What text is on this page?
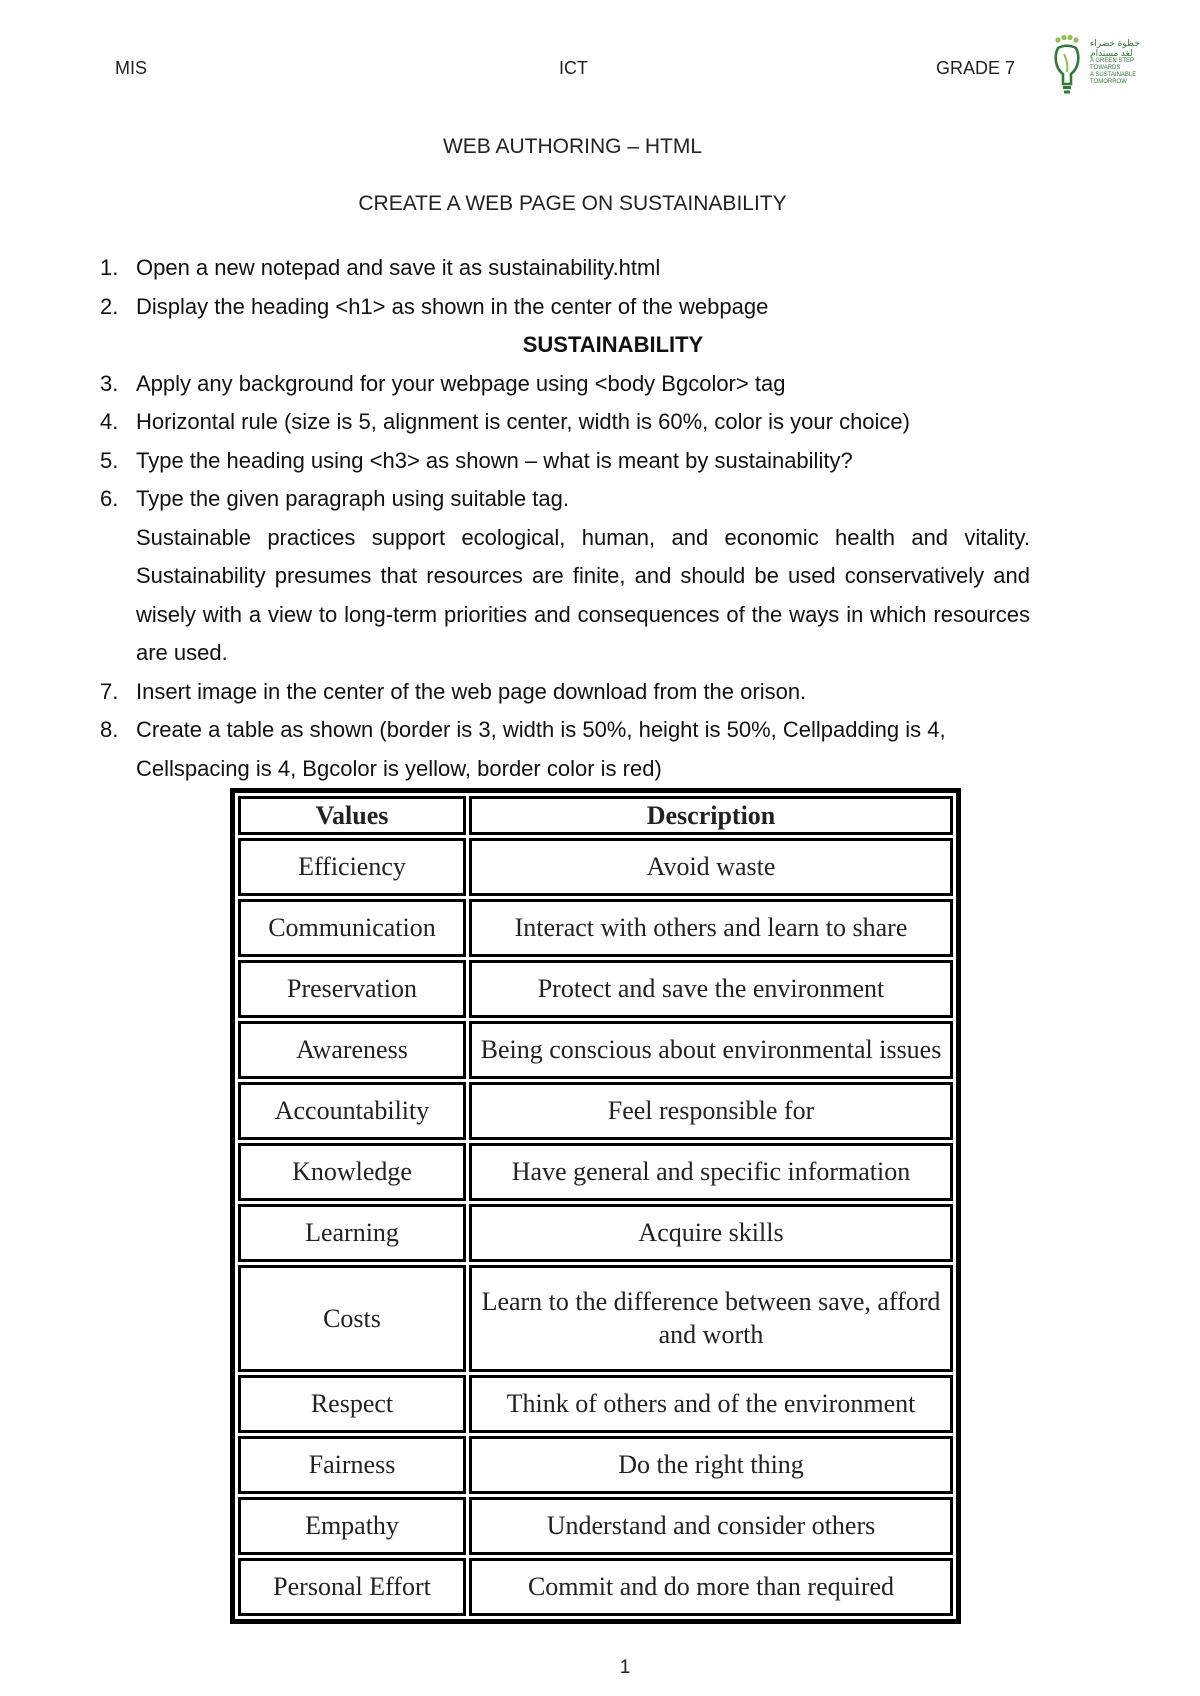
MIS	ICT	GRADE 7
خطوة خضراء
لغد مستدام
A GREEN STEP
TOWARDS
A SUSTAINABLE
TOMORROW
WEB AUTHORING – HTML
CREATE A WEB PAGE ON SUSTAINABILITY
1. Open a new notepad and save it as sustainability.html
2. Display the heading <h1> as shown in the center of the webpage
SUSTAINABILITY
3. Apply any background for your webpage using <body Bgcolor> tag
4. Horizontal rule (size is 5, alignment is center, width is 60%, color is your choice)
5. Type the heading using <h3> as shown – what is meant by sustainability?
6. Type the given paragraph using suitable tag.
Sustainable practices support ecological, human, and economic health and vitality. Sustainability presumes that resources are finite, and should be used conservatively and wisely with a view to long-term priorities and consequences of the ways in which resources are used.
7. Insert image in the center of the web page download from the orison.
8. Create a table as shown (border is 3, width is 50%, height is 50%, Cellpadding is 4, Cellspacing is 4, Bgcolor is yellow, border color is red)
Values	Description
Efficiency	Avoid waste
Communication	Interact with others and learn to share
Preservation	Protect and save the environment
Awareness	Being conscious about environmental issues
Accountability	Feel responsible for
Knowledge	Have general and specific information
Learning	Acquire skills
Costs	Learn to the difference between save, afford and worth
Respect	Think of others and of the environment
Fairness	Do the right thing
Empathy	Understand and consider others
Personal Effort	Commit and do more than required
1
